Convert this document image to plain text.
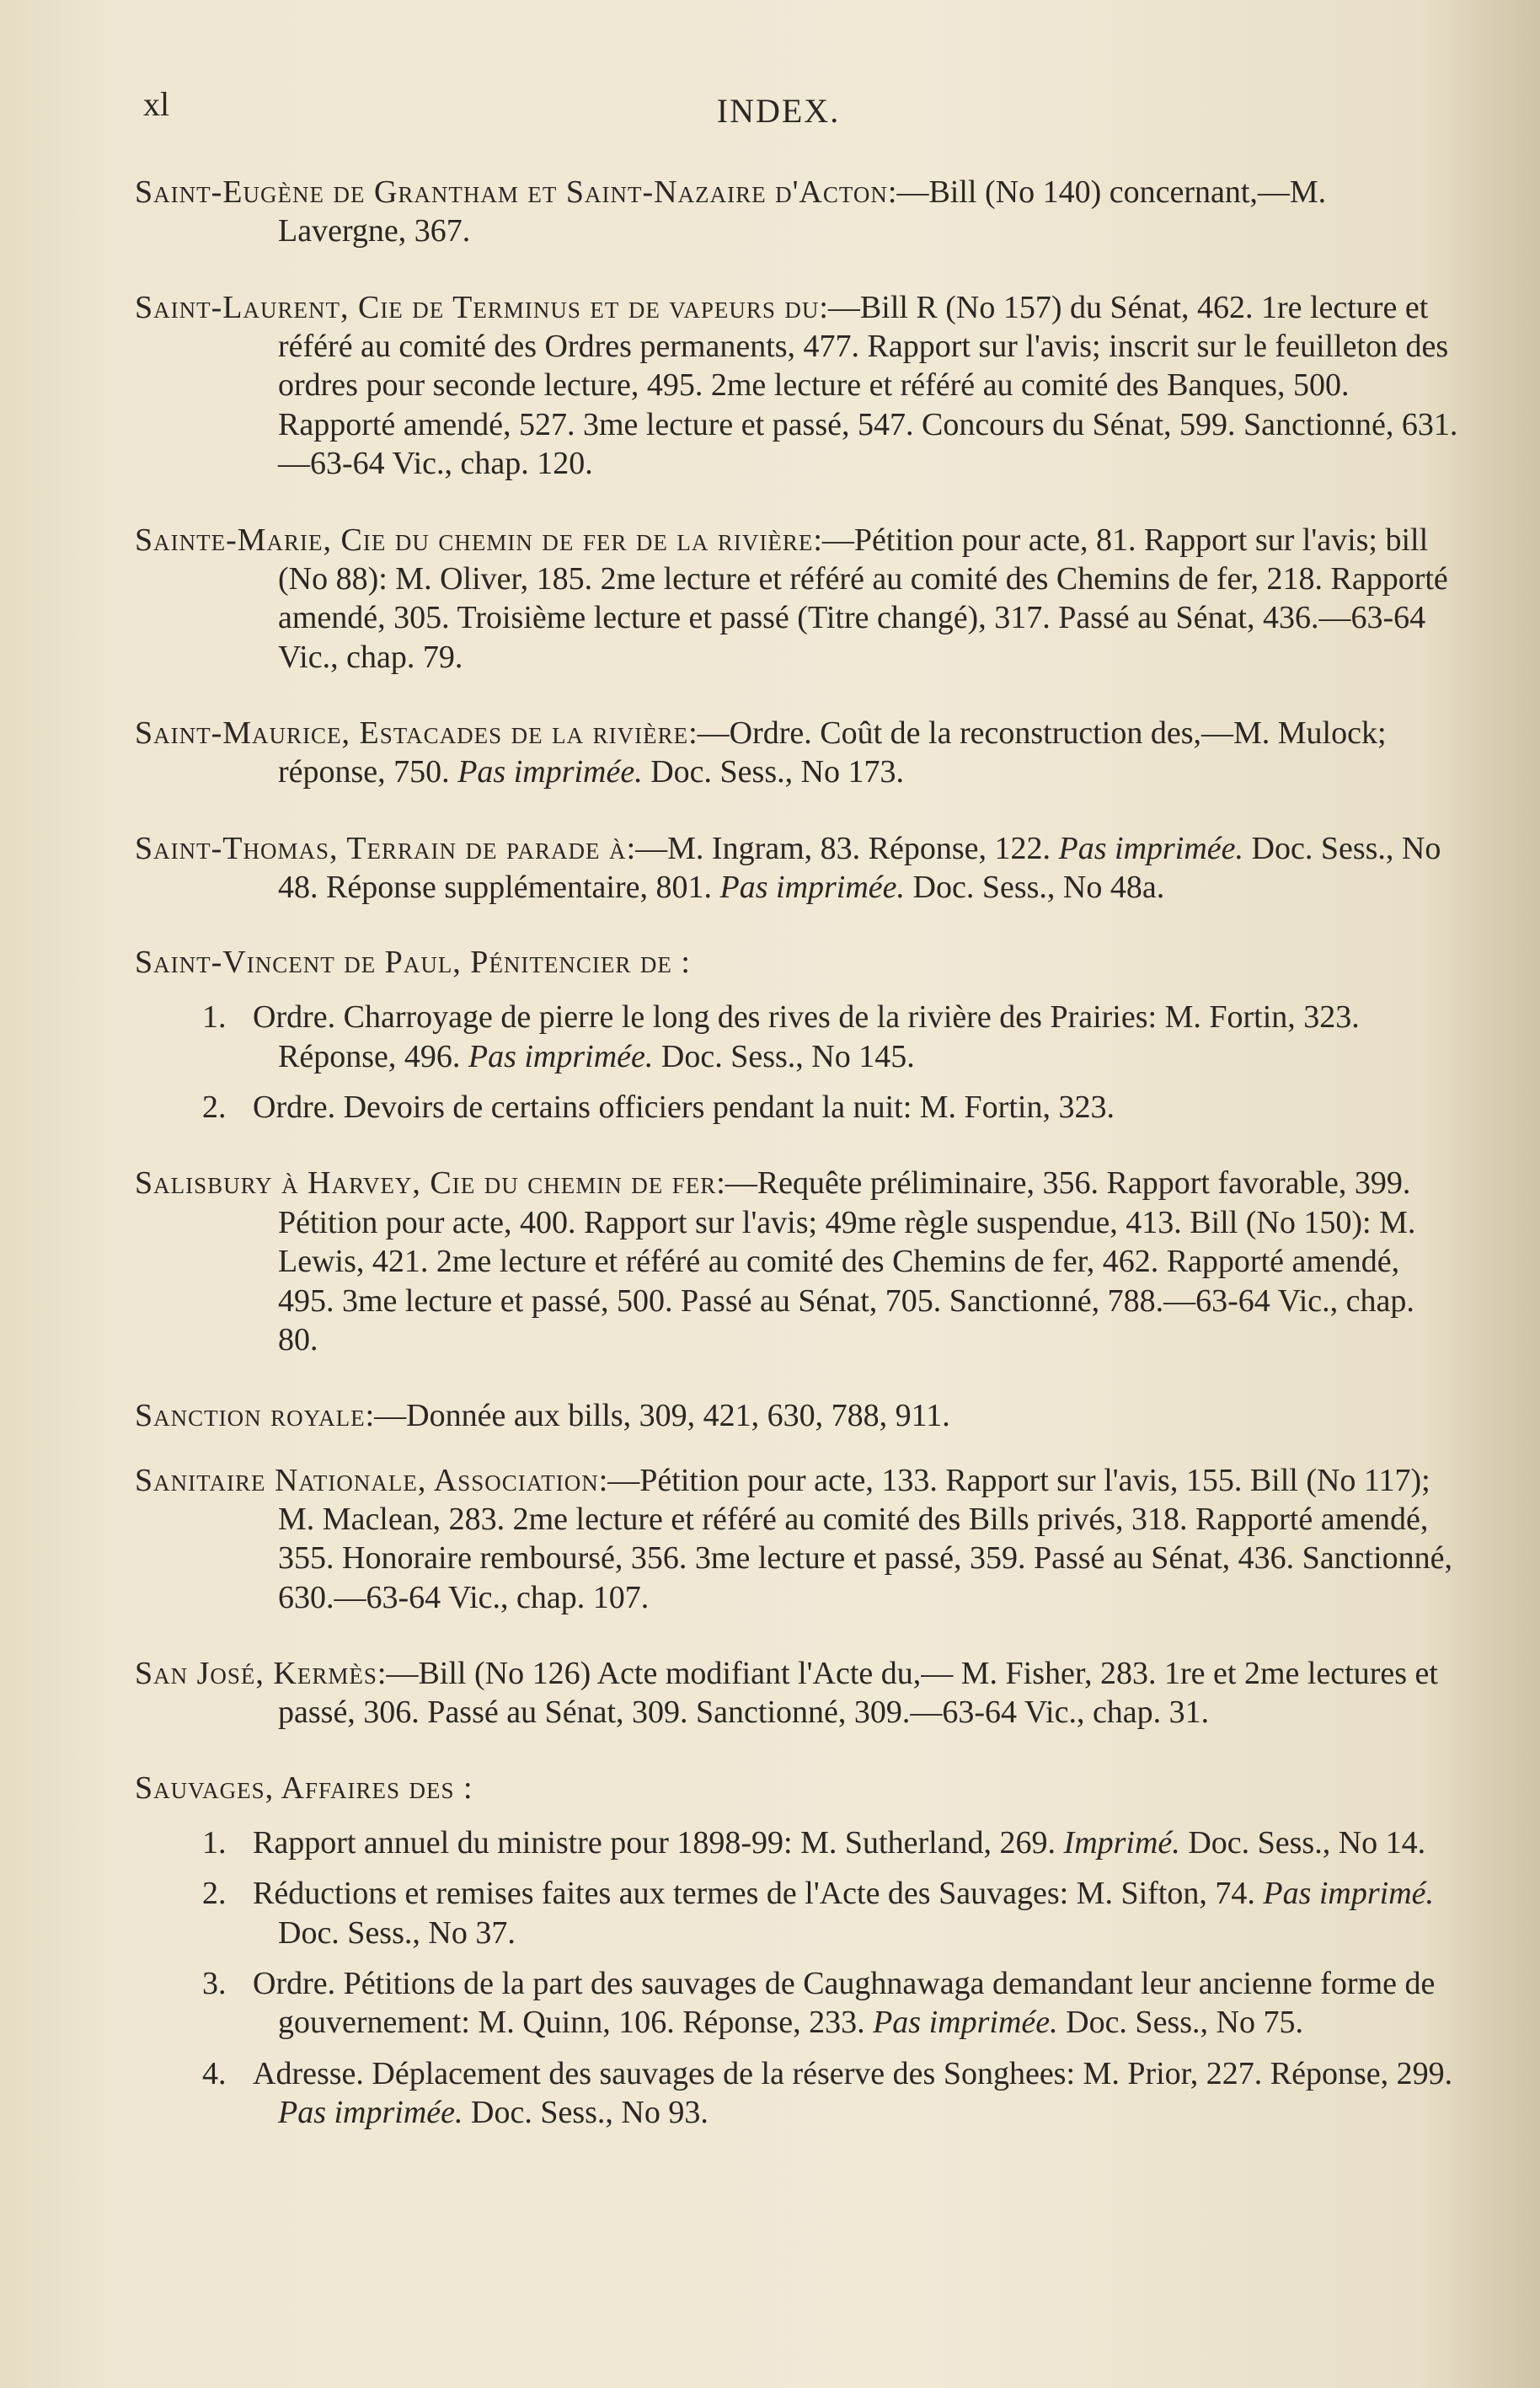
xl	INDEX.

Saint-Eugène de Grantham et Saint-Nazaire d'Acton:—Bill (No 140) concernant,—M. Lavergne, 367.

Saint-Laurent, Cie de Terminus et de vapeurs du:—Bill R (No 157) du Sénat, 462. 1re lecture et référé au comité des Ordres permanents, 477. Rapport sur l'avis; inscrit sur le feuilleton des ordres pour seconde lecture, 495. 2me lecture et référé au comité des Banques, 500. Rapporté amendé, 527. 3me lecture et passé, 547. Concours du Sénat, 599. Sanctionné, 631.—63-64 Vic., chap. 120.

Sainte-Marie, Cie du chemin de fer de la rivière:—Pétition pour acte, 81. Rapport sur l'avis; bill (No 88): M. Oliver, 185. 2me lecture et référé au comité des Chemins de fer, 218. Rapporté amendé, 305. Troisième lecture et passé (Titre changé), 317. Passé au Sénat, 436.—63-64 Vic., chap. 79.

Saint-Maurice, Estacades de la rivière:—Ordre. Coût de la reconstruction des,—M. Mulock; réponse, 750. Pas imprimée. Doc. Sess., No 173.

Saint-Thomas, Terrain de parade à:—M. Ingram, 83. Réponse, 122. Pas imprimée. Doc. Sess., No 48. Réponse supplémentaire, 801. Pas imprimée. Doc. Sess., No 48a.

Saint-Vincent de Paul, Pénitencier de :
1. Ordre. Charroyage de pierre le long des rives de la rivière des Prairies: M. Fortin, 323. Réponse, 496. Pas imprimée. Doc. Sess., No 145.
2. Ordre. Devoirs de certains officiers pendant la nuit: M. Fortin, 323.

Salisbury à Harvey, Cie du chemin de fer:—Requête préliminaire, 356. Rapport favorable, 399. Pétition pour acte, 400. Rapport sur l'avis; 49me règle suspendue, 413. Bill (No 150): M. Lewis, 421. 2me lecture et référé au comité des Chemins de fer, 462. Rapporté amendé, 495. 3me lecture et passé, 500. Passé au Sénat, 705. Sanctionné, 788.—63-64 Vic., chap. 80.

Sanction royale:—Donnée aux bills, 309, 421, 630, 788, 911.

Sanitaire Nationale, Association:—Pétition pour acte, 133. Rapport sur l'avis, 155. Bill (No 117); M. Maclean, 283. 2me lecture et référé au comité des Bills privés, 318. Rapporté amendé, 355. Honoraire remboursé, 356. 3me lecture et passé, 359. Passé au Sénat, 436. Sanctionné, 630.—63-64 Vic., chap. 107.

San José, Kermès:—Bill (No 126) Acte modifiant l'Acte du,— M. Fisher, 283. 1re et 2me lectures et passé, 306. Passé au Sénat, 309. Sanctionné, 309.—63-64 Vic., chap. 31.

Sauvages, Affaires des :
1. Rapport annuel du ministre pour 1898-99: M. Sutherland, 269. Imprimé. Doc. Sess., No 14.
2. Réductions et remises faites aux termes de l'Acte des Sauvages: M. Sifton, 74. Pas imprimé. Doc. Sess., No 37.
3. Ordre. Pétitions de la part des sauvages de Caughnawaga demandant leur ancienne forme de gouvernement: M. Quinn, 106. Réponse, 233. Pas imprimée. Doc. Sess., No 75.
4. Adresse. Déplacement des sauvages de la réserve des Songhees: M. Prior, 227. Réponse, 299. Pas imprimée. Doc. Sess., No 93.
